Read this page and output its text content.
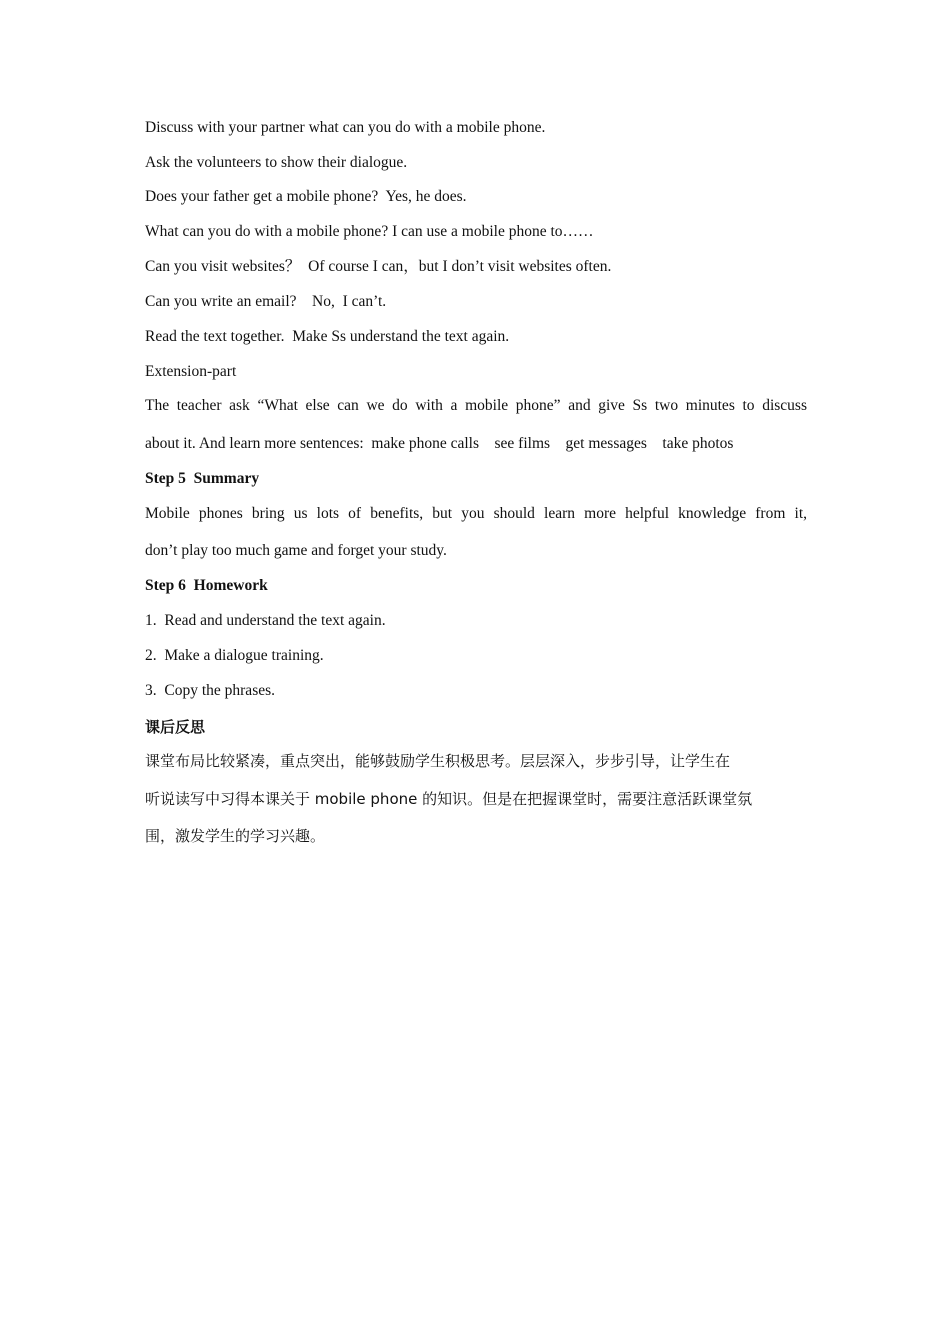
Discuss with your partner what can you do with a mobile phone.
Ask the volunteers to show their dialogue.
Does your father get a mobile phone?  Yes, he does.
What can you do with a mobile phone? I can use a mobile phone to……
Can you visit websites？  Of course I can，but I don’t visit websites often.
Can you write an email?    No,  I can’t.
Read the text together.  Make Ss understand the text again.
Extension-part
The teacher ask “What else can we do with a mobile phone” and give Ss two minutes to discuss
about it. And learn more sentences:  make phone calls    see films    get messages    take photos
Step 5  Summary
Mobile phones bring us lots of benefits, but you should learn more helpful knowledge from it,
don’t play too much game and forget your study.
Step 6  Homework
1.  Read and understand the text again.
2.  Make a dialogue training.
3.  Copy the phrases.
课后反思
课堂布局比较紧凑，重点突出，能够鼓励学生积极思考。层层深入，步步引导，让学生在
听说读写中习得本课关于 mobile phone 的知识。但是在把握课堂时，需要注意活跃课堂氛
围，激发学生的学习兴趣。
